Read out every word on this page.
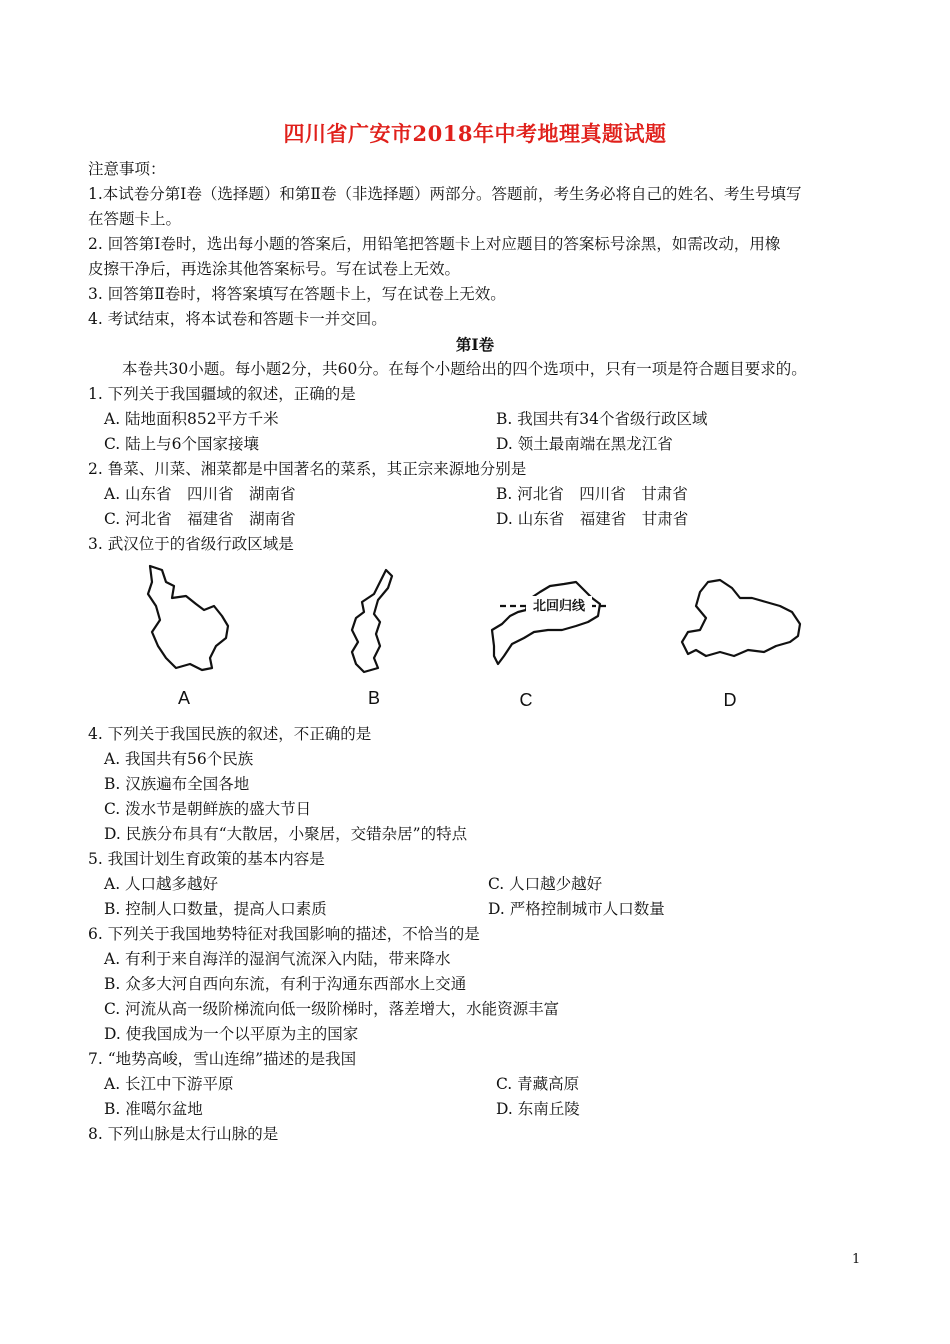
四川省广安市2018年中考地理真题试题
注意事项：
1.本试卷分第Ⅰ卷（选择题）和第Ⅱ卷（非选择题）两部分。答题前，考生务必将自己的姓名、考生号填写
在答题卡上。
2. 回答第Ⅰ卷时，选出每小题的答案后，用铅笔把答题卡上对应题目的答案标号涂黑，如需改动，用橡
皮擦干净后，再选涂其他答案标号。写在试卷上无效。
3. 回答第Ⅱ卷时，将答案填写在答题卡上，写在试卷上无效。
4. 考试结束，将本试卷和答题卡一并交回。
第Ⅰ卷
本卷共30小题。每小题2分，共60分。在每个小题给出的四个选项中，只有一项是符合题目要求的。
1. 下列关于我国疆域的叙述，正确的是
A. 陆地面积852平方千米	B. 我国共有34个省级行政区域
C. 陆上与6个国家接壤	D. 领土最南端在黑龙江省
2. 鲁菜、川菜、湘菜都是中国著名的菜系，其正宗来源地分别是
A. 山东省　四川省　湖南省	B. 河北省　四川省　甘肃省
C. 河北省　福建省　湖南省	D. 山东省　福建省　甘肃省
3. 武汉位于的省级行政区域是
北回归线
A	B	C	D
4. 下列关于我国民族的叙述，不正确的是
A. 我国共有56个民族
B. 汉族遍布全国各地
C. 泼水节是朝鲜族的盛大节日
D. 民族分布具有“大散居，小聚居，交错杂居”的特点
5. 我国计划生育政策的基本内容是
A. 人口越多越好	C. 人口越少越好
B. 控制人口数量，提高人口素质	D. 严格控制城市人口数量
6. 下列关于我国地势特征对我国影响的描述，不恰当的是
A. 有利于来自海洋的湿润气流深入内陆，带来降水
B. 众多大河自西向东流，有利于沟通东西部水上交通
C. 河流从高一级阶梯流向低一级阶梯时，落差增大，水能资源丰富
D. 使我国成为一个以平原为主的国家
7. “地势高峻，雪山连绵”描述的是我国
A. 长江中下游平原	C. 青藏高原
B. 准噶尔盆地	D. 东南丘陵
8. 下列山脉是太行山脉的是
1
